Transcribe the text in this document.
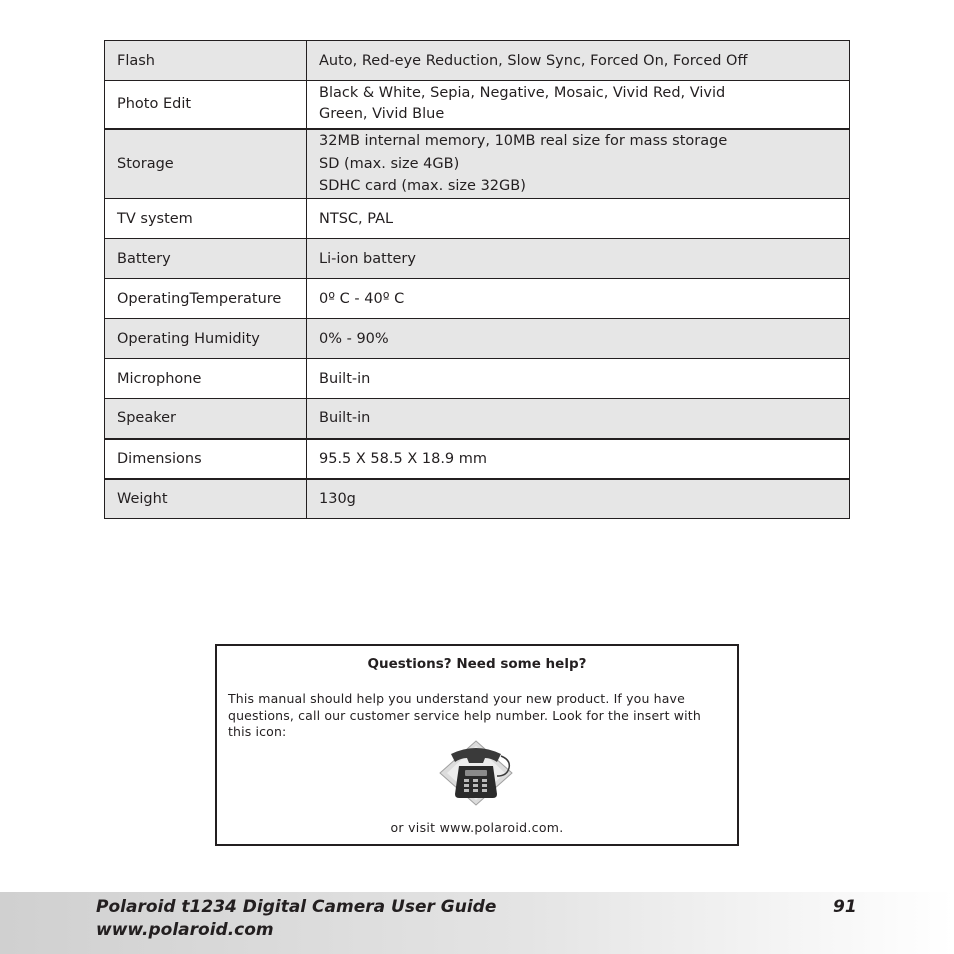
Flash	Auto, Red-eye Reduction, Slow Sync, Forced On, Forced Off

Photo Edit	Black & White, Sepia, Negative, Mosaic, Vivid Red, Vivid
Green, Vivid Blue

Storage	32MB internal memory, 10MB real size for mass storage
SD (max. size 4GB)
SDHC card (max. size 32GB)

TV system	NTSC, PAL

Battery	Li-ion battery

OperatingTemperature	0º C - 40º C

Operating Humidity	0% - 90%

Microphone	Built-in

Speaker	Built-in

Dimensions	95.5 X 58.5 X 18.9 mm

Weight	130g
Questions? Need some help?
This manual should help you understand your new product. If you have questions, call our customer service help number. Look for the insert with this icon:
or visit www.polaroid.com.
Polaroid t1234 Digital Camera User Guide
www.polaroid.com
91
